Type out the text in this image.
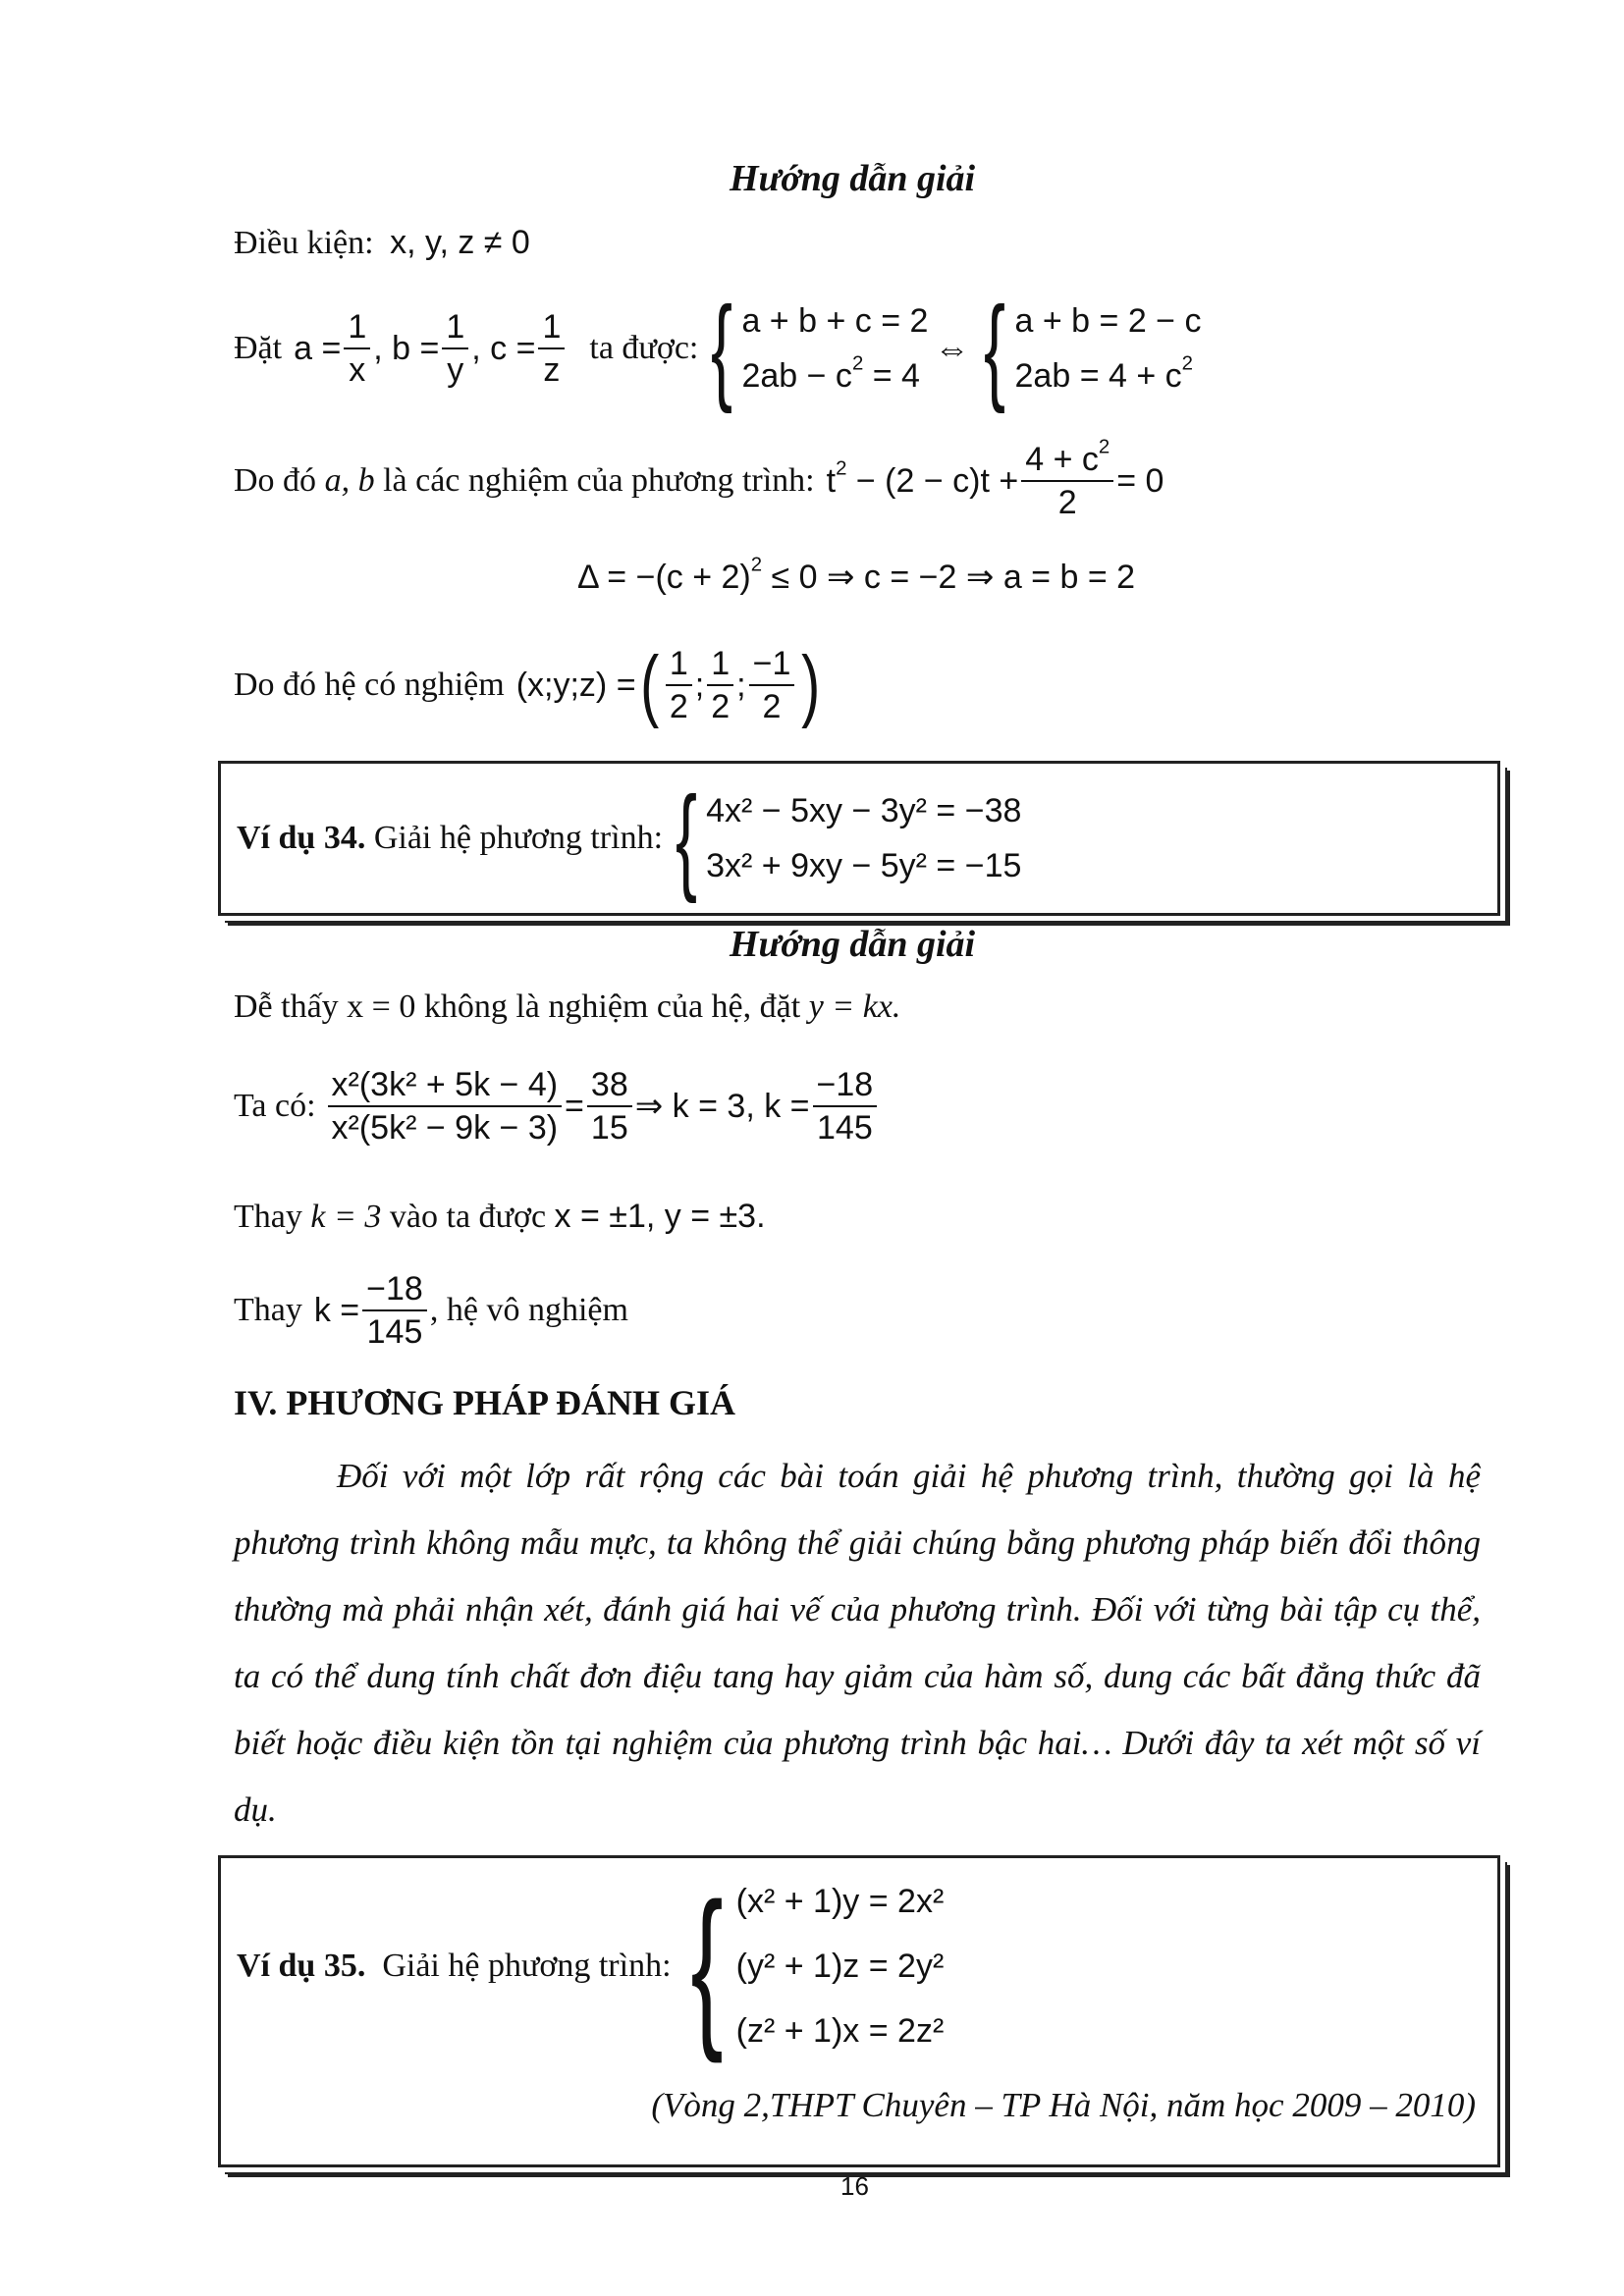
Hướng dẫn giải
Điều kiện: x, y, z ≠ 0
Đặt $a = \frac{1}{x}$ , $b = \frac{1}{y}$ , $c = \frac{1}{z}$ ta được: { a + b + c = 2
$2ab - c^2 = 4$
⇔ { a + b = 2 − c
$2ab = 4 + c^2$
Do đó
a, b
là các nghiệm của phương trình: $t^2 - (2 - c)t + \frac{4 + c^2}{2} = 0$
$\Delta = -(c + 2)^2 \le 0$ ⇒ c = −2 ⇒ a = b = 2
Do đó hệ có nghiệm (x;y;z) = ( $\frac{1}{2}$ ; $\frac{1}{2}$ ; $\frac{-1}{2}$ )
Ví dụ 34.
Giải hệ phương trình: { 4x² − 5xy − 3y² = −38
3x² + 9xy − 5y² = −15
Hướng dẫn giải
Dễ thấy x = 0 không là nghiệm của hệ, đặt y = kx.
Ta có: $\frac{\text{x²(3k² + 5k − 4)}}{\text{x²(5k² − 9k − 3)}} = \frac{38}{15}$ ⇒ k = 3, $k = \frac{-18}{145}$
Thay k = 3 vào ta được x = ±1, y = ±3.
Thay $k = \frac{-18}{145}$ , hệ vô nghiệm
IV. PHƯƠNG PHÁP ĐÁNH GIÁ
Đối với một lớp rất rộng các bài toán giải hệ phương trình, thường gọi là hệ phương trình không mẫu mực, ta không thể giải chúng bằng phương pháp biến đổi thông thường mà phải nhận xét, đánh giá hai vế của phương trình. Đối với từng bài tập cụ thể, ta có thể dung tính chất đơn điệu tang hay giảm của hàm số, dung các bất đẳng thức đã biết hoặc điều kiện tồn tại nghiệm của phương trình bậc hai… Dưới đây ta xét một số ví dụ.
Ví dụ 35.
Giải hệ phương trình: { (x² + 1)y = 2x²
(y² + 1)z = 2y²
(z² + 1)x = 2z²
(Vòng 2,THPT Chuyên – TP Hà Nội, năm học 2009 – 2010)
16
